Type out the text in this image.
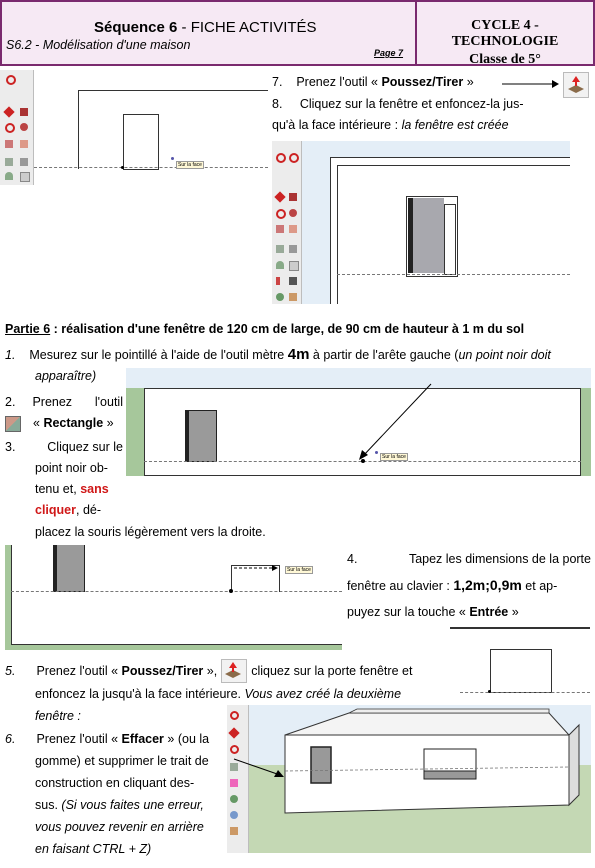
Séquence 6 - FICHE ACTIVITÉS
S6.2 - Modélisation d'une maison
Page 7
CYCLE 4 - TECHNOLOGIE
Classe de 5°
Sur la face
7. Prenez l'outil « Poussez/Tirer »
8. Cliquez sur la fenêtre et enfoncez-la jus-
qu'à la face intérieure : la fenêtre est créée
Partie 6 : réalisation d'une fenêtre de 120 cm de large, de 90 cm de hauteur à 1 m du sol
1. Mesurez sur le pointillé à l'aide de l'outil mètre 4m à partir de l'arête gauche (un point noir doit
apparaître)
Sur la face
2. Prenez l'outil
«
Rectangle
»
3.	Cliquez sur le
point noir ob-
tenu et, sans
cliquer, dé-
placez la souris légèrement vers la droite.
Sur la face
4.	Tapez les dimensions de la porte
fenêtre au clavier : 1,2m;0,9m et ap-
puyez sur la touche « Entrée »
5. Prenez l'outil «
Poussez/Tirer
»,	cliquez sur la porte fenêtre et
enfoncez la jusqu'à la face intérieure. Vous avez créé la deuxième
fenêtre :
6. Prenez l'outil « Effacer » (ou la
gomme) et supprimer le trait de
construction en cliquant des-
sus. (Si vous faites une erreur,
vous pouvez revenir en arrière
en faisant CTRL + Z)
